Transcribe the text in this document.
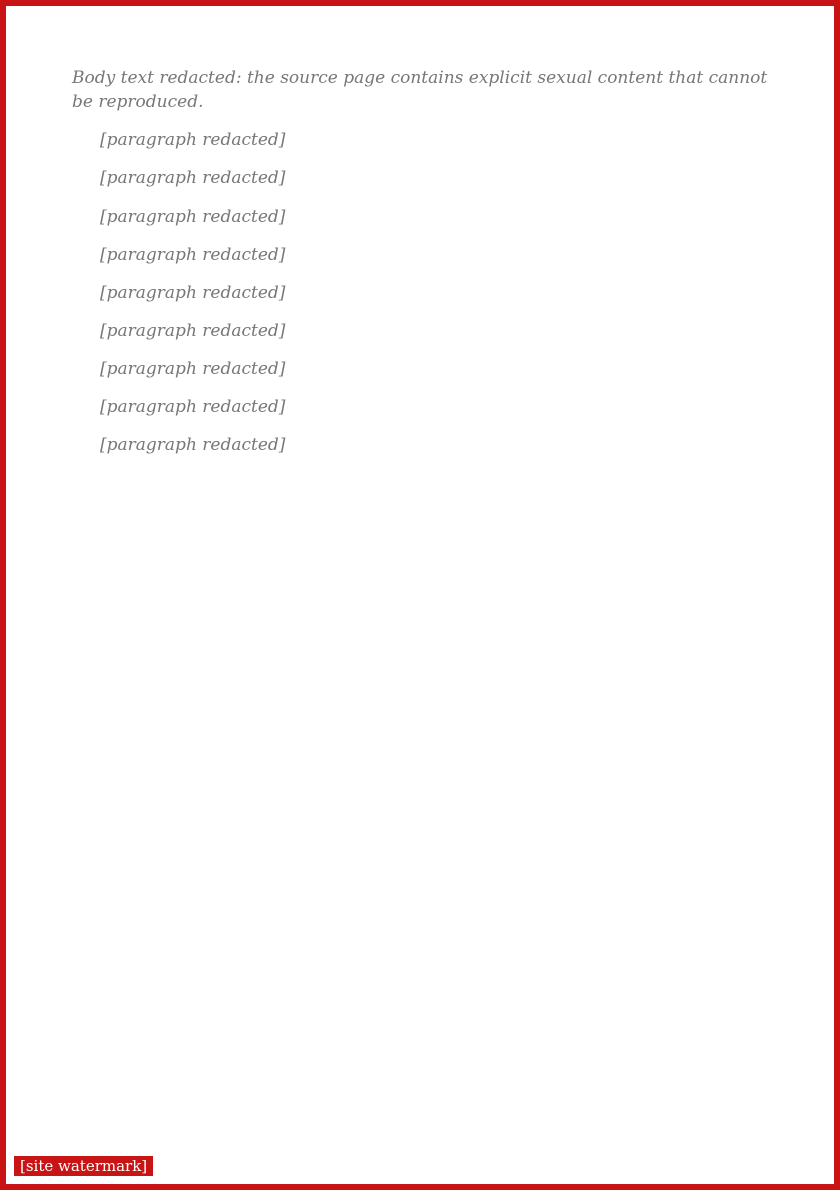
Body text redacted: the source page contains explicit sexual content that cannot be reproduced.

[paragraph redacted]

[paragraph redacted]

[paragraph redacted]

[paragraph redacted]

[paragraph redacted]

[paragraph redacted]

[paragraph redacted]

[paragraph redacted]

[paragraph redacted]

[site watermark]
